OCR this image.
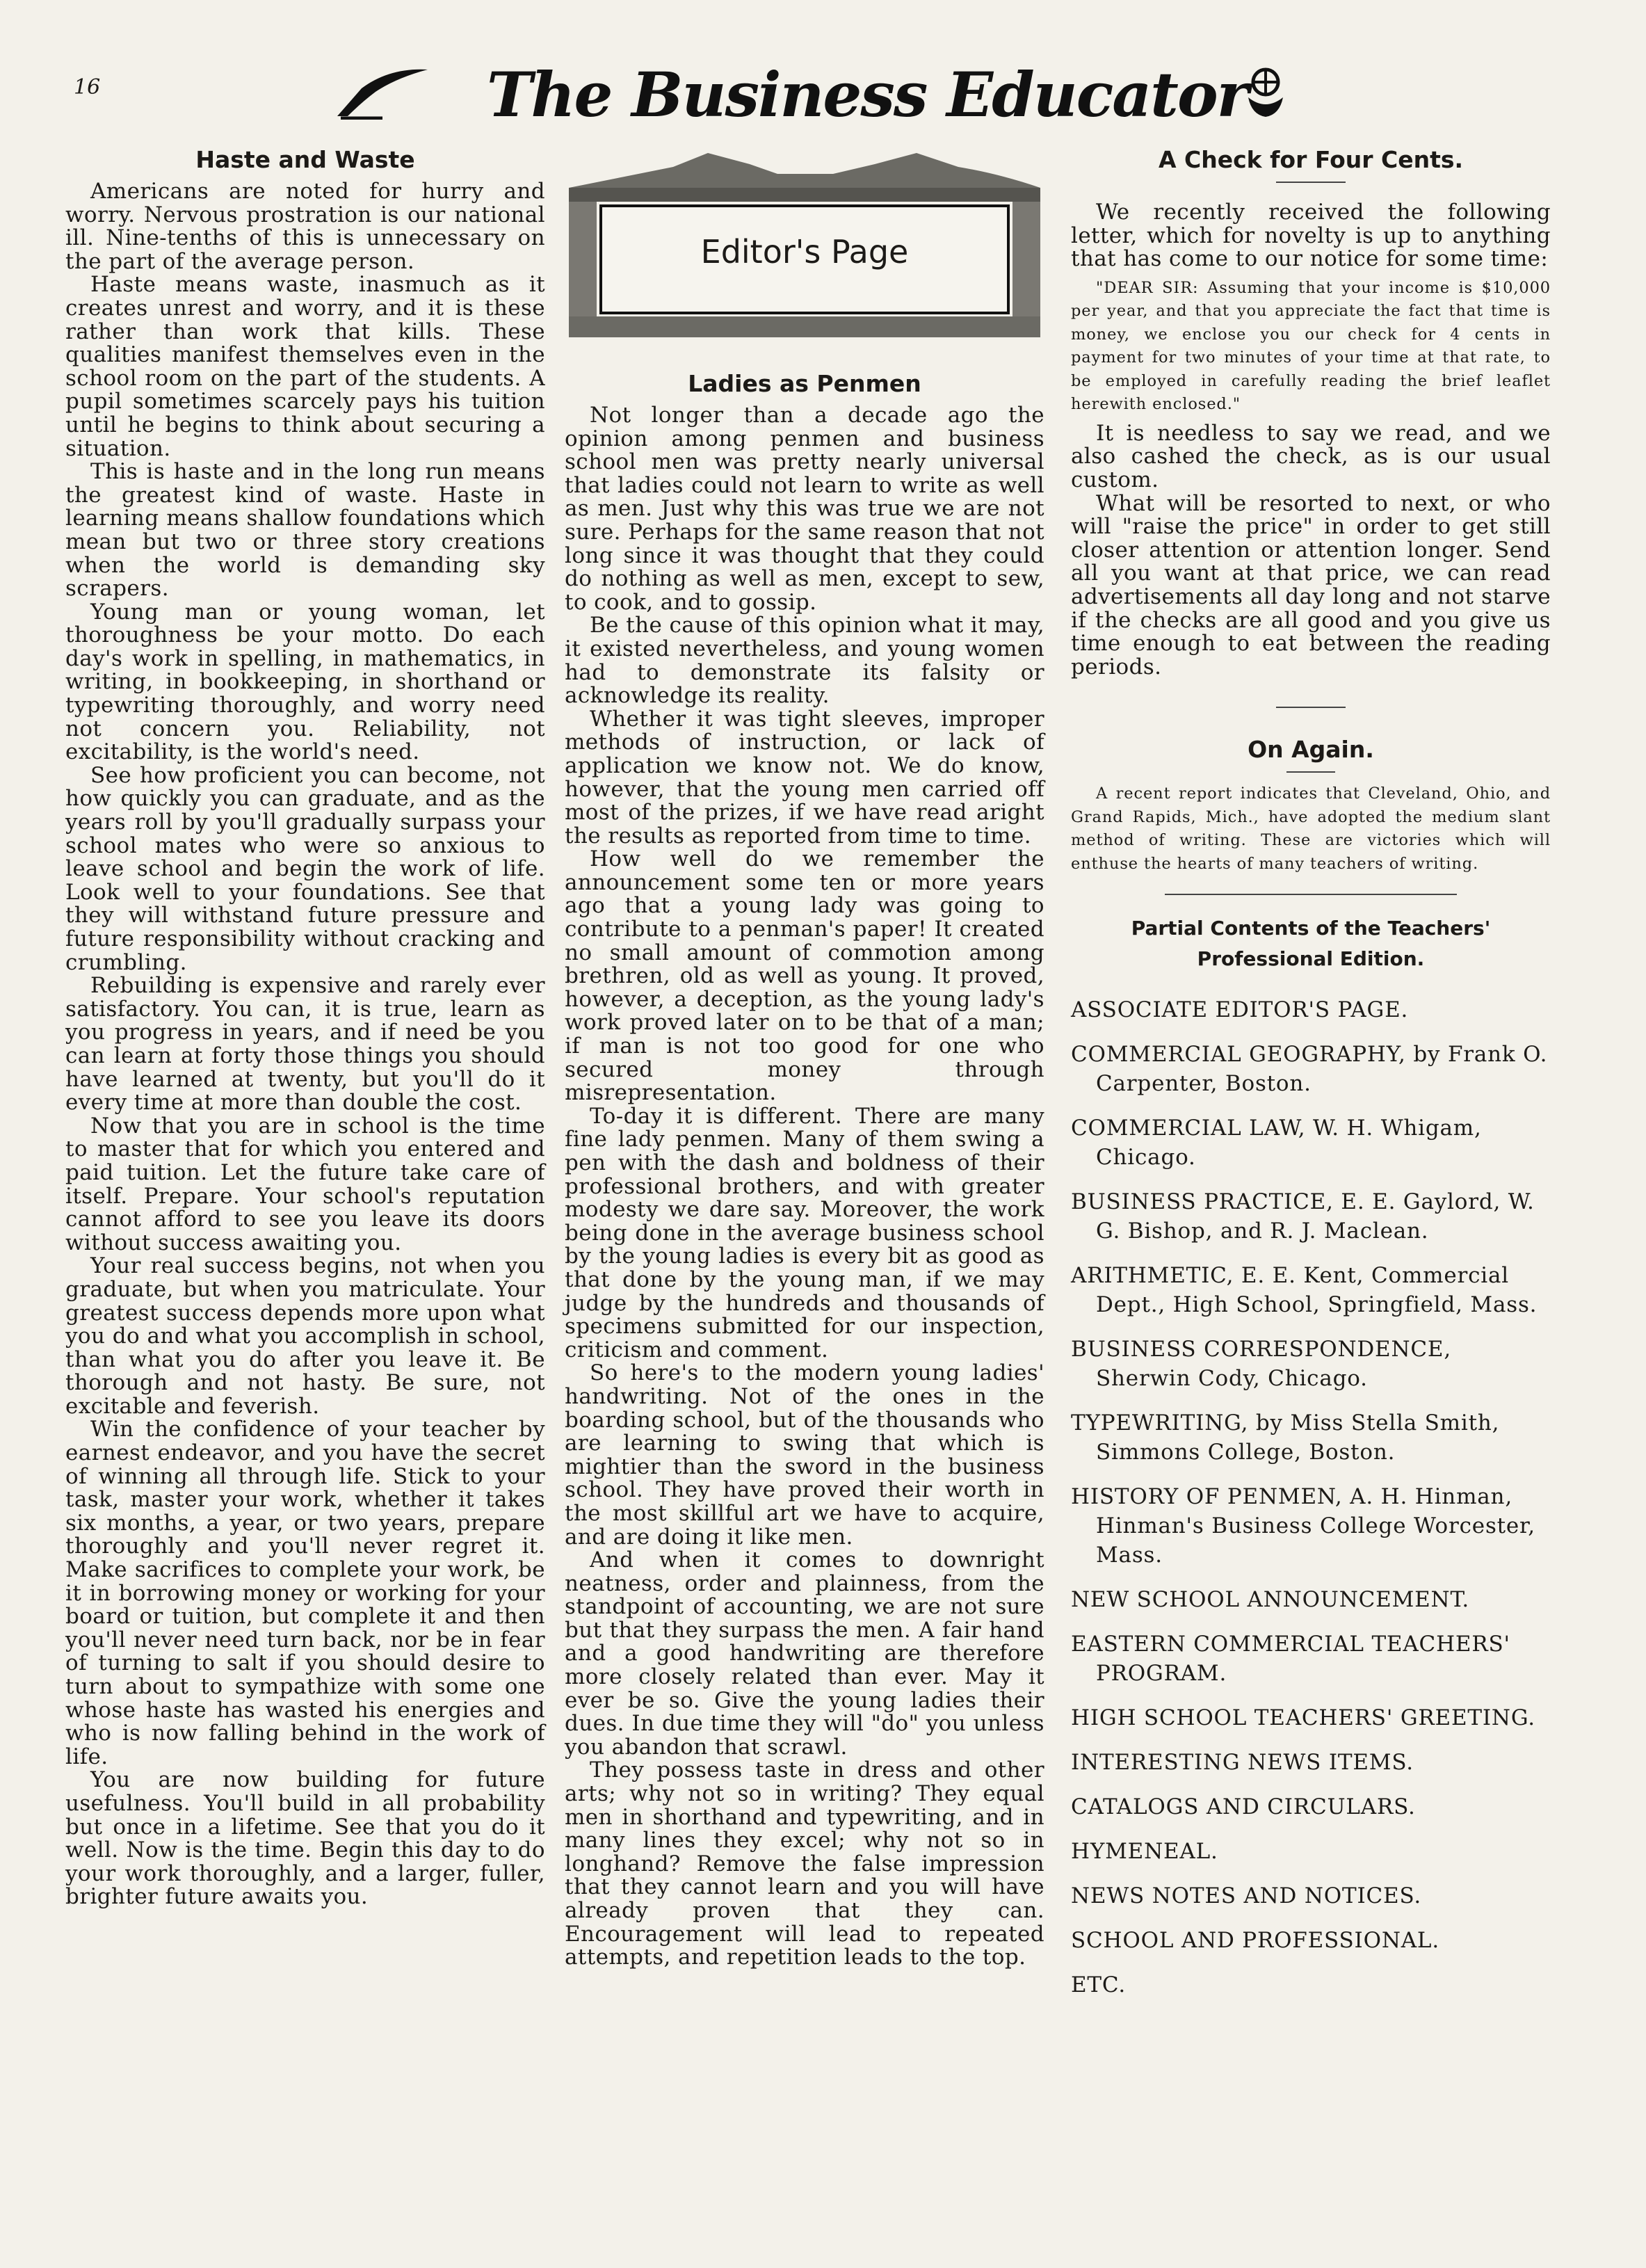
16	The Business Educator
Haste and Waste

Americans are noted for hurry and worry. Nervous prostration is our national ill. Nine-tenths of this is unnecessary on the part of the average person.

Haste means waste, inasmuch as it creates unrest and worry, and it is these rather than work that kills. These qualities manifest themselves even in the school room on the part of the students. A pupil sometimes scarcely pays his tuition until he begins to think about securing a situation.

This is haste and in the long run means the greatest kind of waste. Haste in learning means shallow foundations which mean but two or three story creations when the world is demanding sky scrapers.

Young man or young woman, let thoroughness be your motto. Do each day's work in spelling, in mathematics, in writing, in bookkeeping, in shorthand or typewriting thoroughly, and worry need not concern you. Reliability, not excitability, is the world's need.

See how proficient you can become, not how quickly you can graduate, and as the years roll by you'll gradually surpass your school mates who were so anxious to leave school and begin the work of life. Look well to your foundations. See that they will withstand future pressure and future responsibility without cracking and crumbling.

Rebuilding is expensive and rarely ever satisfactory. You can, it is true, learn as you progress in years, and if need be you can learn at forty those things you should have learned at twenty, but you'll do it every time at more than double the cost.

Now that you are in school is the time to master that for which you entered and paid tuition. Let the future take care of itself. Prepare. Your school's reputation cannot afford to see you leave its doors without success awaiting you.

Your real success begins, not when you graduate, but when you matriculate. Your greatest success depends more upon what you do and what you accomplish in school, than what you do after you leave it. Be thorough and not hasty. Be sure, not excitable and feverish.

Win the confidence of your teacher by earnest endeavor, and you have the secret of winning all through life. Stick to your task, master your work, whether it takes six months, a year, or two years, prepare thoroughly and you'll never regret it. Make sacrifices to complete your work, be it in borrowing money or working for your board or tuition, but complete it and then you'll never need turn back, nor be in fear of turning to salt if you should desire to turn about to sympathize with some one whose haste has wasted his energies and who is now falling behind in the work of life.

You are now building for future usefulness. You'll build in all probability but once in a lifetime. See that you do it well. Now is the time. Begin this day to do your work thoroughly, and a larger, fuller, brighter future awaits you.

Editor's Page
Ladies as Penmen

Not longer than a decade ago the opinion among penmen and business school men was pretty nearly universal that ladies could not learn to write as well as men. Just why this was true we are not sure. Perhaps for the same reason that not long since it was thought that they could do nothing as well as men, except to sew, to cook, and to gossip.

Be the cause of this opinion what it may, it existed nevertheless, and young women had to demonstrate its falsity or acknowledge its reality.

Whether it was tight sleeves, improper methods of instruction, or lack of application we know not. We do know, however, that the young men carried off most of the prizes, if we have read aright the results as reported from time to time.

How well do we remember the announcement some ten or more years ago that a young lady was going to contribute to a penman's paper! It created no small amount of commotion among brethren, old as well as young. It proved, however, a deception, as the young lady's work proved later on to be that of a man; if man is not too good for one who secured money through misrepresentation.

To-day it is different. There are many fine lady penmen. Many of them swing a pen with the dash and boldness of their professional brothers, and with greater modesty we dare say. Moreover, the work being done in the average business school by the young ladies is every bit as good as that done by the young man, if we may judge by the hundreds and thousands of specimens submitted for our inspection, criticism and comment.

So here's to the modern young ladies' handwriting. Not of the ones in the boarding school, but of the thousands who are learning to swing that which is mightier than the sword in the business school. They have proved their worth in the most skillful art we have to acquire, and are doing it like men.

And when it comes to downright neatness, order and plainness, from the standpoint of accounting, we are not sure but that they surpass the men. A fair hand and a good handwriting are therefore more closely related than ever. May it ever be so. Give the young ladies their dues. In due time they will "do" you unless you abandon that scrawl.

They possess taste in dress and other arts; why not so in writing? They equal men in shorthand and typewriting, and in many lines they excel; why not so in longhand? Remove the false impression that they cannot learn and you will have already proven that they can. Encouragement will lead to repeated attempts, and repetition leads to the top.

A Check for Four Cents.

We recently received the following letter, which for novelty is up to anything that has come to our notice for some time:

"DEAR SIR: Assuming that your income is $10,000 per year, and that you appreciate the fact that time is money, we enclose you our check for 4 cents in payment for two minutes of your time at that rate, to be employed in carefully reading the brief leaflet herewith enclosed."

It is needless to say we read, and we also cashed the check, as is our usual custom.

What will be resorted to next, or who will "raise the price" in order to get still closer attention or attention longer. Send all you want at that price, we can read advertisements all day long and not starve if the checks are all good and you give us time enough to eat between the reading periods.

On Again.

A recent report indicates that Cleveland, Ohio, and Grand Rapids, Mich., have adopted the medium slant method of writing. These are victories which will enthuse the hearts of many teachers of writing.

Partial Contents of the Teachers' Professional Edition.
ASSOCIATE EDITOR'S PAGE.
COMMERCIAL GEOGRAPHY, by Frank O. Carpenter, Boston.
COMMERCIAL LAW, W. H. Whigam, Chicago.
BUSINESS PRACTICE, E. E. Gaylord, W. G. Bishop, and R. J. Maclean.
ARITHMETIC, E. E. Kent, Commercial Dept., High School, Springfield, Mass.
BUSINESS CORRESPONDENCE, Sherwin Cody, Chicago.
TYPEWRITING, by Miss Stella Smith, Simmons College, Boston.
HISTORY OF PENMEN, A. H. Hinman, Hinman's Business College Worcester, Mass.
NEW SCHOOL ANNOUNCEMENT.
EASTERN COMMERCIAL TEACHERS' PROGRAM.
HIGH SCHOOL TEACHERS' GREETING.
INTERESTING NEWS ITEMS.
CATALOGS AND CIRCULARS.
HYMENEAL.
NEWS NOTES AND NOTICES.
SCHOOL AND PROFESSIONAL.
ETC.
